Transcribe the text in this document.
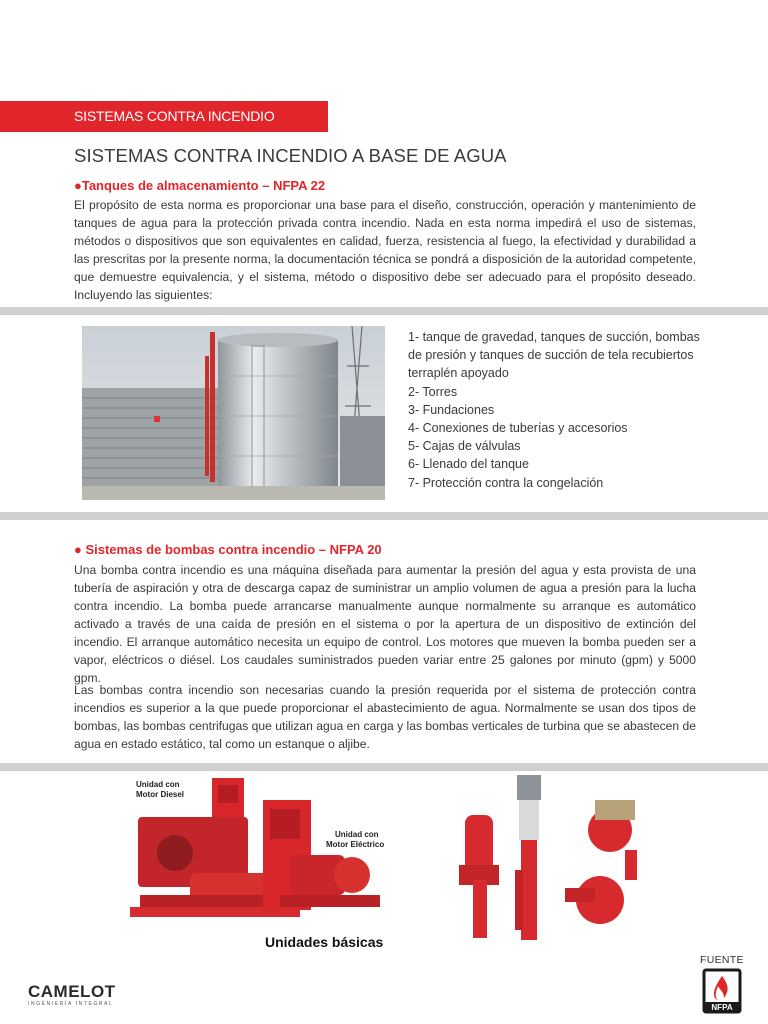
SISTEMAS CONTRA INCENDIO
SISTEMAS CONTRA INCENDIO A BASE DE AGUA
●Tanques de almacenamiento – NFPA 22
El propósito de esta norma es proporcionar una base para el diseño, construcción, operación y mantenimiento de tanques de agua para la protección privada contra incendio. Nada en esta norma impedirá el uso de sistemas, métodos o dispositivos que son equivalentes en calidad, fuerza, resistencia al fuego, la efectividad y durabilidad a las prescritas por la presente norma, la documentación técnica se pondrá a disposición de la autoridad competente, que demuestre equivalencia, y el sistema, método o dispositivo debe ser adecuado para el propósito deseado. Incluyendo las siguientes:
1- tanque de gravedad, tanques de succión, bombas de presión y tanques de succión de tela recubiertos terraplén apoyado
2- Torres
3- Fundaciones
4- Conexiones de tuberías y accesorios
5- Cajas de válvulas
6- Llenado del tanque
7- Protección contra la congelación
● Sistemas de bombas contra incendio – NFPA 20
Una bomba contra incendio es una máquina diseñada para aumentar la presión del agua y esta provista de una tubería de aspiración y otra de descarga capaz de suministrar un amplio volumen de agua a presión para la lucha contra incendio. La bomba puede arrancarse manualmente aunque normalmente su arranque es automático activado a través de una caída de presión en el sistema o por la apertura de un dispositivo de extinción del incendio. El arranque automático necesita un equipo de control. Los motores que mueven la bomba pueden ser a vapor, eléctricos o diésel. Los caudales suministrados pueden variar entre 25 galones por minuto (gpm) y 5000 gpm.
Las bombas contra incendio son necesarias cuando la presión requerida por el sistema de protección contra incendios es superior a la que puede proporcionar el abastecimiento de agua. Normalmente se usan dos tipos de bombas, las bombas centrifugas que utilizan agua en carga y las bombas verticales de turbina que se abastecen de agua en estado estático, tal como un estanque o aljibe.
Unidad con
Motor Diesel
Unidad con
Motor Eléctrico
Unidades básicas
CAMELOT
INGENIERÍA INTEGRAL
FUENTE
NFPA
